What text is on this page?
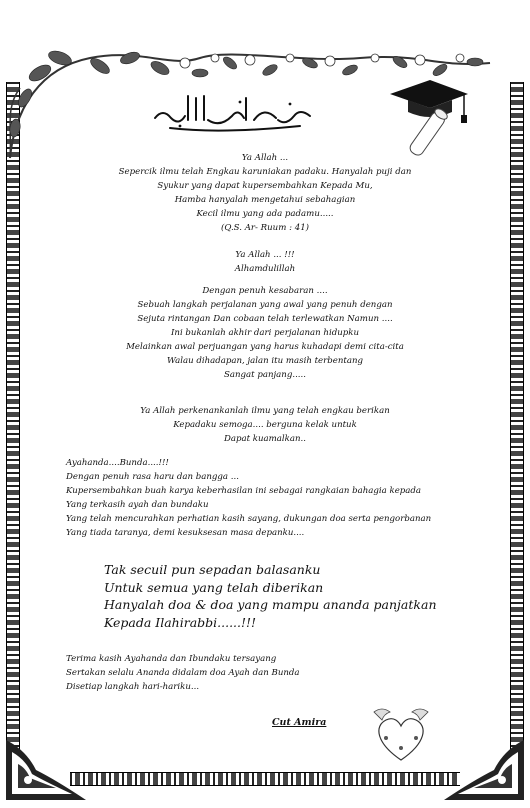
Ya Allah ...
Sepercik ilmu telah Engkau karuniakan padaku. Hanyalah puji dan
Syukur yang dapat kupersembahkan Kepada Mu,
Hamba hanyalah mengetahui sebahagian
Kecil ilmu yang ada padamu.....
(Q.S. Ar- Ruum : 41)
Ya Allah ... !!!
Alhamdulillah
Dengan penuh kesabaran ....
Sebuah langkah perjalanan yang awal yang penuh dengan
Sejuta rintangan Dan cobaan telah terlewatkan Namun ....
Ini bukanlah akhir dari perjalanan hidupku
Melainkan awal perjuangan yang harus kuhadapi demi cita-cita
Walau dihadapan, jalan itu masih terbentang
Sangat panjang.....
Ya Allah perkenankanlah ilmu yang telah engkau berikan
Kepadaku semoga.... berguna kelak untuk
Dapat kuamalkan..
Ayahanda....Bunda....!!!
Dengan penuh rasa haru dan bangga ...
Kupersembahkan buah karya keberhasilan ini sebagai rangkaian bahagia kepada
Yang terkasih ayah dan bundaku
Yang telah mencurahkan perhatian kasih sayang, dukungan doa serta pengorbanan
Yang tiada taranya, demi kesuksesan masa depanku....
Tak secuil pun sepadan balasanku
Untuk semua yang telah diberikan
Hanyalah doa & doa yang mampu ananda panjatkan
Kepada Ilahirabbi......!!!
Terima kasih Ayahanda dan Ibundaku tersayang
Sertakan selalu Ananda didalam doa Ayah dan Bunda
Disetiap langkah hari-hariku...
Cut Amira
